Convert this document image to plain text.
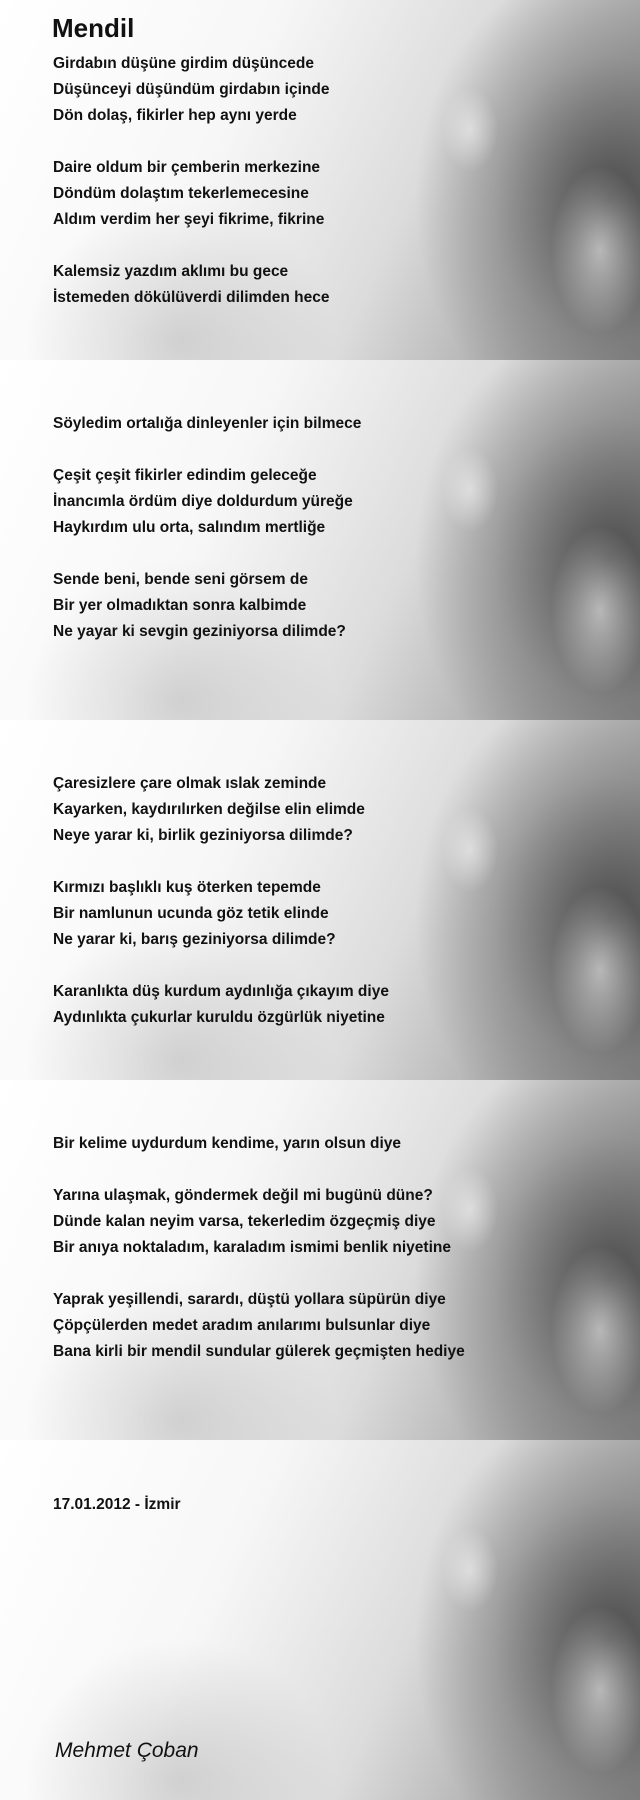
Mendil
Girdabın düşüne girdim düşüncede
Düşünceyi düşündüm girdabın içinde
Dön dolaş, fikirler hep aynı yerde
Daire oldum bir çemberin merkezine
Döndüm dolaştım tekerlemecesine
Aldım verdim her şeyi fikrime, fikrine
Kalemsiz yazdım aklımı bu gece
İstemeden dökülüverdi dilimden hece
Söyledim ortalığa dinleyenler için bilmece
Çeşit çeşit fikirler edindim geleceğe
İnancımla ördüm diye doldurdum yüreğe
Haykırdım ulu orta, salındım mertliğe
Sende beni, bende seni görsem de
Bir yer olmadıktan sonra kalbimde
Ne yayar ki sevgin geziniyorsa dilimde?
Çaresizlere çare olmak ıslak zeminde
Kayarken, kaydırılırken değilse elin elimde
Neye yarar ki, birlik geziniyorsa dilimde?
Kırmızı başlıklı kuş öterken tepemde
Bir namlunun ucunda göz tetik elinde
Ne yarar ki, barış geziniyorsa dilimde?
Karanlıkta düş kurdum aydınlığa çıkayım diye
Aydınlıkta çukurlar kuruldu özgürlük niyetine
Bir kelime uydurdum kendime, yarın olsun diye
Yarına ulaşmak, göndermek değil mi bugünü düne?
Dünde kalan neyim varsa, tekerledim özgeçmiş diye
Bir anıya noktaladım, karaladım ismimi benlik niyetine
Yaprak yeşillendi, sarardı, düştü yollara süpürün diye
Çöpçülerden medet aradım anılarımı bulsunlar diye
Bana kirli bir mendil sundular gülerek geçmişten hediye
17.01.2012 - İzmir
Mehmet Çoban
